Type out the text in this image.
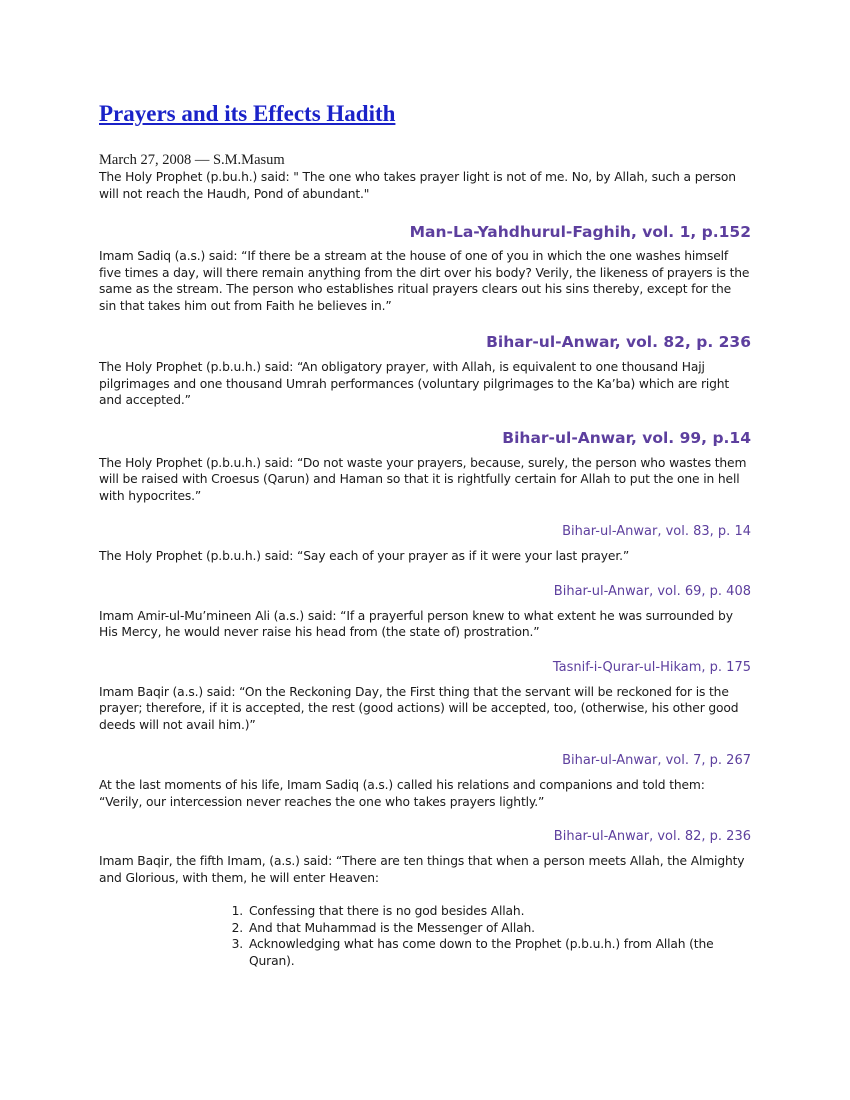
Prayers and its Effects Hadith
March 27, 2008 — S.M.Masum

The Holy Prophet (p.bu.h.) said: " The one who takes prayer light is not of me. No, by Allah, such a person will not reach the Haudh, Pond of abundant."

Man-La-Yahdhurul-Faghih, vol. 1, p.152

Imam Sadiq (a.s.) said: “If there be a stream at the house of one of you in which the one washes himself five times a day, will there remain anything from the dirt over his body? Verily, the likeness of prayers is the same as the stream. The person who establishes ritual prayers clears out his sins thereby, except for the sin that takes him out from Faith he believes in.”

Bihar-ul-Anwar, vol. 82, p. 236

The Holy Prophet (p.b.u.h.) said: “An obligatory prayer, with Allah, is equivalent to one thousand Hajj pilgrimages and one thousand Umrah performances (voluntary pilgrimages to the Ka’ba) which are right and accepted.”

Bihar-ul-Anwar, vol. 99, p.14

The Holy Prophet (p.b.u.h.) said: “Do not waste your prayers, because, surely, the person who wastes them will be raised with Croesus (Qarun) and Haman so that it is rightfully certain for Allah to put the one in hell with hypocrites.”

Bihar-ul-Anwar, vol. 83, p. 14

The Holy Prophet (p.b.u.h.) said: “Say each of your prayer as if it were your last prayer.”

Bihar-ul-Anwar, vol. 69, p. 408

Imam Amir-ul-Mu’mineen Ali (a.s.) said: “If a prayerful person knew to what extent he was surrounded by His Mercy, he would never raise his head from (the state of) prostration.”

Tasnif-i-Qurar-ul-Hikam, p. 175

Imam Baqir (a.s.) said: “On the Reckoning Day, the First thing that the servant will be reckoned for is the prayer; therefore, if it is accepted, the rest (good actions) will be accepted, too, (otherwise, his other good deeds will not avail him.)”

Bihar-ul-Anwar, vol. 7, p. 267

At the last moments of his life, Imam Sadiq (a.s.) called his relations and companions and told them: “Verily, our intercession never reaches the one who takes prayers lightly.”

Bihar-ul-Anwar, vol. 82, p. 236

Imam Baqir, the fifth Imam, (a.s.) said: “There are ten things that when a person meets Allah, the Almighty and Glorious, with them, he will enter Heaven:

1. Confessing that there is no god besides Allah.
2. And that Muhammad is the Messenger of Allah.
3. Acknowledging what has come down to the Prophet (p.b.u.h.) from Allah (the Quran).
